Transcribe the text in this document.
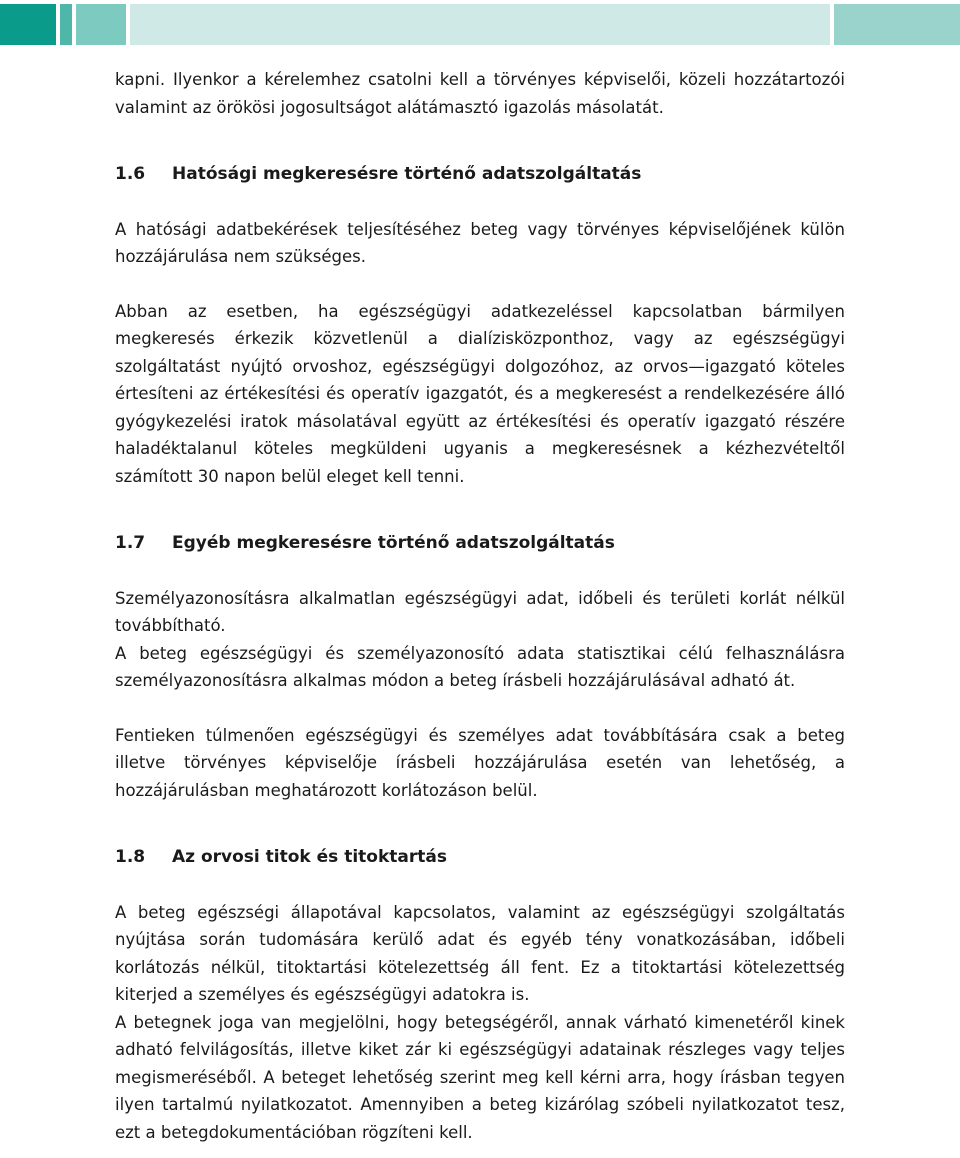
kapni. Ilyenkor a kérelemhez csatolni kell a törvényes képviselői, közeli hozzátartozói valamint az örökösi jogosultságot alátámasztó igazolás másolatát.

1.6	Hatósági megkeresésre történő adatszolgáltatás

A hatósági adatbekérések teljesítéséhez beteg vagy törvényes képviselőjének külön hozzájárulása nem szükséges.

Abban az esetben, ha egészségügyi adatkezeléssel kapcsolatban bármilyen megkeresés érkezik közvetlenül a dialízisközponthoz, vagy az egészségügyi szolgáltatást nyújtó orvoshoz, egészségügyi dolgozóhoz, az orvos—igazgató köteles értesíteni az értékesítési és operatív igazgatót, és a megkeresést a rendelkezésére álló gyógykezelési iratok másolatával együtt az értékesítési és operatív igazgató részére haladéktalanul köteles megküldeni ugyanis a megkeresésnek a kézhezvételtől számított 30 napon belül eleget kell tenni.

1.7	Egyéb megkeresésre történő adatszolgáltatás

Személyazonosításra alkalmatlan egészségügyi adat, időbeli és területi korlát nélkül továbbítható.

A beteg egészségügyi és személyazonosító adata statisztikai célú felhasználásra személyazonosításra alkalmas módon a beteg írásbeli hozzájárulásával adható át.

Fentieken túlmenően egészségügyi és személyes adat továbbítására csak a beteg illetve törvényes képviselője írásbeli hozzájárulása esetén van lehetőség, a hozzájárulásban meghatározott korlátozáson belül.

1.8	Az orvosi titok és titoktartás

A beteg egészségi állapotával kapcsolatos, valamint az egészségügyi szolgáltatás nyújtása során tudomására kerülő adat és egyéb tény vonatkozásában, időbeli korlátozás nélkül, titoktartási kötelezettség áll fent. Ez a titoktartási kötelezettség kiterjed a személyes és egészségügyi adatokra is.

A betegnek joga van megjelölni, hogy betegségéről, annak várható kimenetéről kinek adható felvilágosítás, illetve kiket zár ki egészségügyi adatainak részleges vagy teljes megismeréséből. A beteget lehetőség szerint meg kell kérni arra, hogy írásban tegyen ilyen tartalmú nyilatkozatot. Amennyiben a beteg kizárólag szóbeli nyilatkozatot tesz, ezt a betegdokumentációban rögzíteni kell.
